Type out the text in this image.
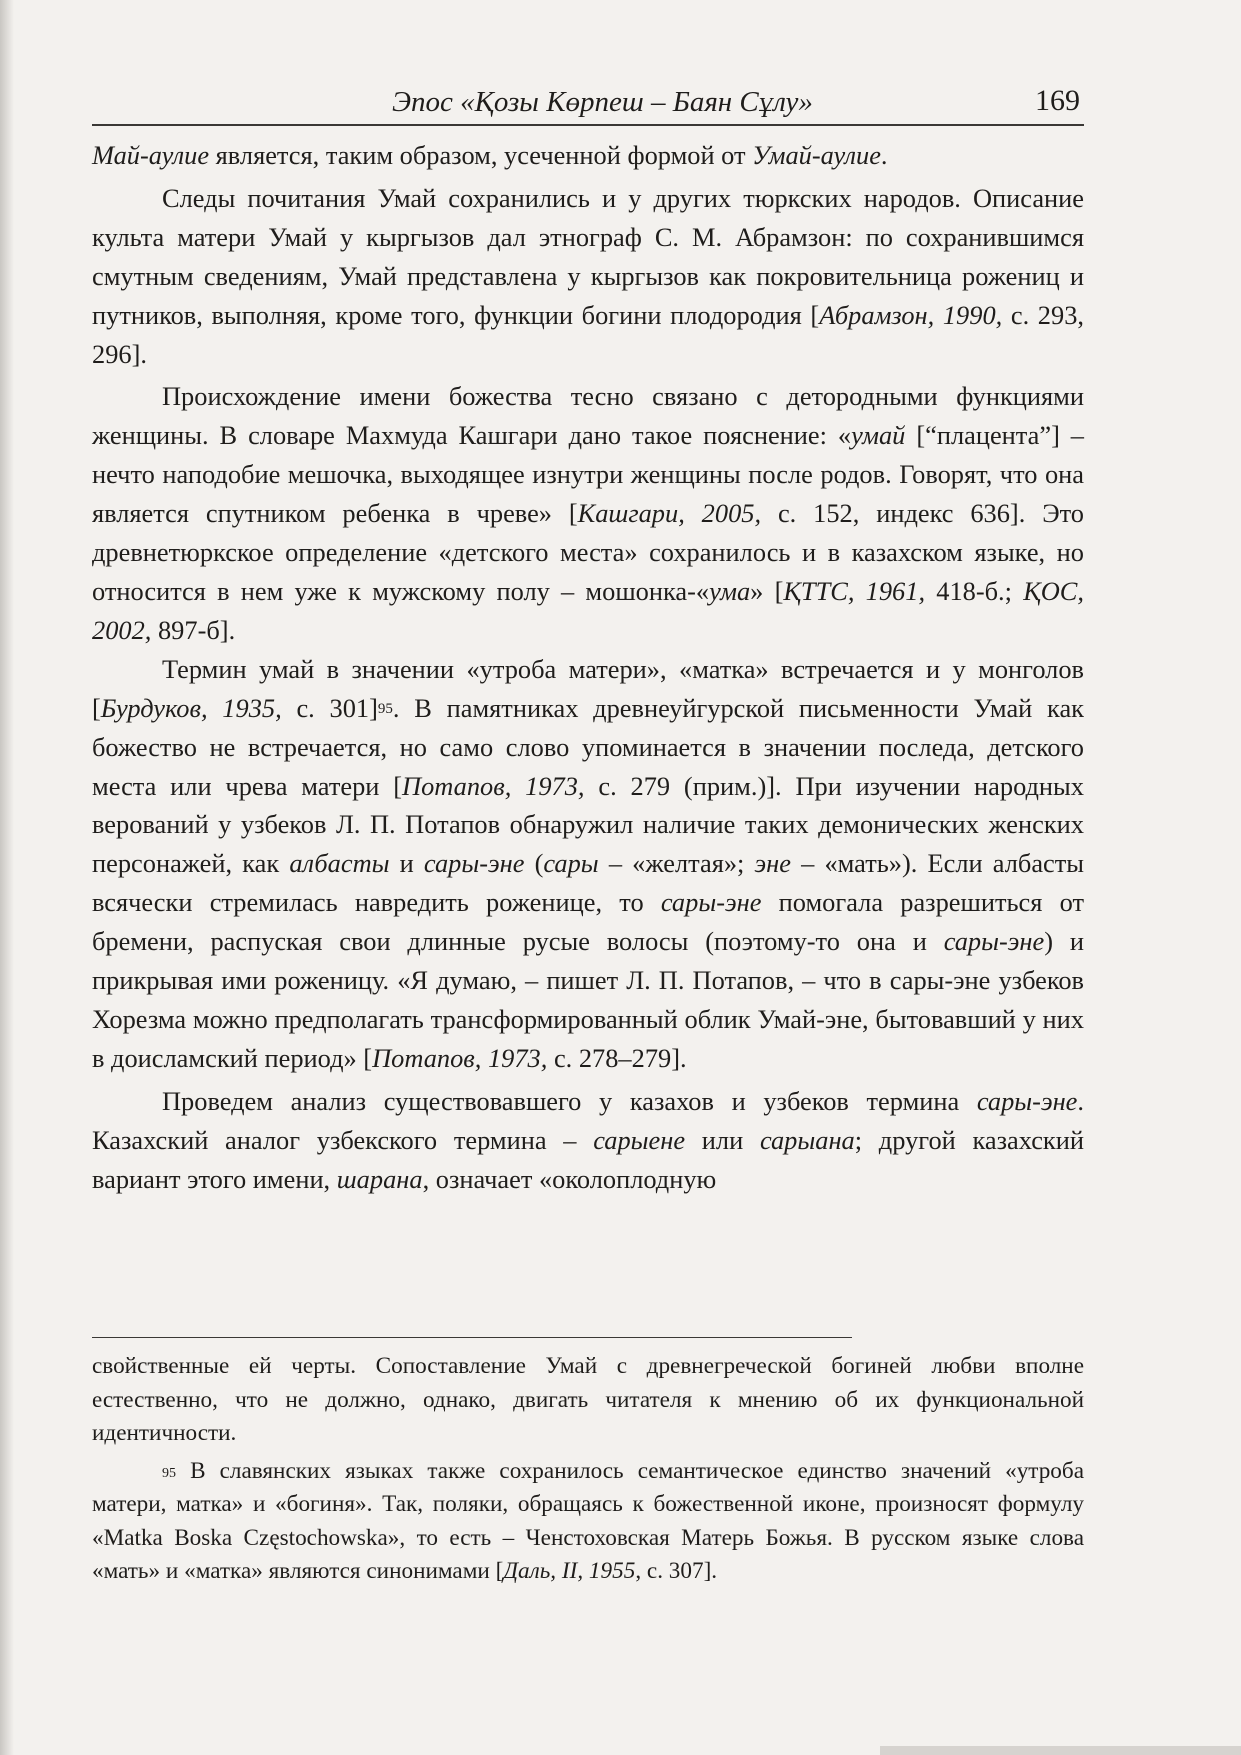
Эпос «Қозы Көрпеш – Баян Сұлу»	169

Май-аулие является, таким образом, усеченной формой от Умай-аулие.

Следы почитания Умай сохранились и у других тюркских народов. Описание культа матери Умай у кыргызов дал этнограф С. М. Абрамзон: по сохранившимся смутным сведениям, Умай представлена у кыргызов как покровительница рожениц и путников, выполняя, кроме того, функции богини плодородия [Абрамзон, 1990, с. 293, 296].

Происхождение имени божества тесно связано с детородными функциями женщины. В словаре Махмуда Кашгари дано такое пояснение: «умай [“плацента”] – нечто наподобие мешочка, выходящее изнутри женщины после родов. Говорят, что она является спутником ребенка в чреве» [Кашгари, 2005, с. 152, индекс 636]. Это древнетюркское определение «детского места» сохранилось и в казахском языке, но относится в нем уже к мужскому полу – мошонка-«ума» [ҚТТС, 1961, 418-б.; ҚОС, 2002, 897-б].

Термин умай в значении «утроба матери», «матка» встречается и у монголов [Бурдуков, 1935, с. 301]$^{95}$. В памятниках древнеуйгурской письменности Умай как божество не встречается, но само слово упоминается в значении последа, детского места или чрева матери [Потапов, 1973, с. 279 (прим.)]. При изучении народных верований у узбеков Л. П. Потапов обнаружил наличие таких демонических женских персонажей, как албасты и сары-эне (сары – «желтая»; эне – «мать»). Если албасты всячески стремилась навредить роженице, то сары-эне помогала разрешиться от бремени, распуская свои длинные русые волосы (поэтому-то она и сары-эне) и прикрывая ими роженицу. «Я думаю, – пишет Л. П. Потапов, – что в сары-эне узбеков Хорезма можно предполагать трансформированный облик Умай-эне, бытовавший у них в доисламский период» [Потапов, 1973, с. 278–279].

Проведем анализ существовавшего у казахов и узбеков термина сары-эне. Казахский аналог узбекского термина – сарыене или сарыана; другой казахский вариант этого имени, шарана, означает «околоплодную

свойственные ей черты. Сопоставление Умай с древнегреческой богиней любви вполне естественно, что не должно, однако, двигать читателя к мнению об их функциональной идентичности.

$^{95}$ В славянских языках также сохранилось семантическое единство значений «утроба матери, матка» и «богиня». Так, поляки, обращаясь к божественной иконе, произносят формулу «Matka Boska Częstochowska», то есть – Ченстоховская Матерь Божья. В русском языке слова «мать» и «матка» являются синонимами [Даль, II, 1955, с. 307].
